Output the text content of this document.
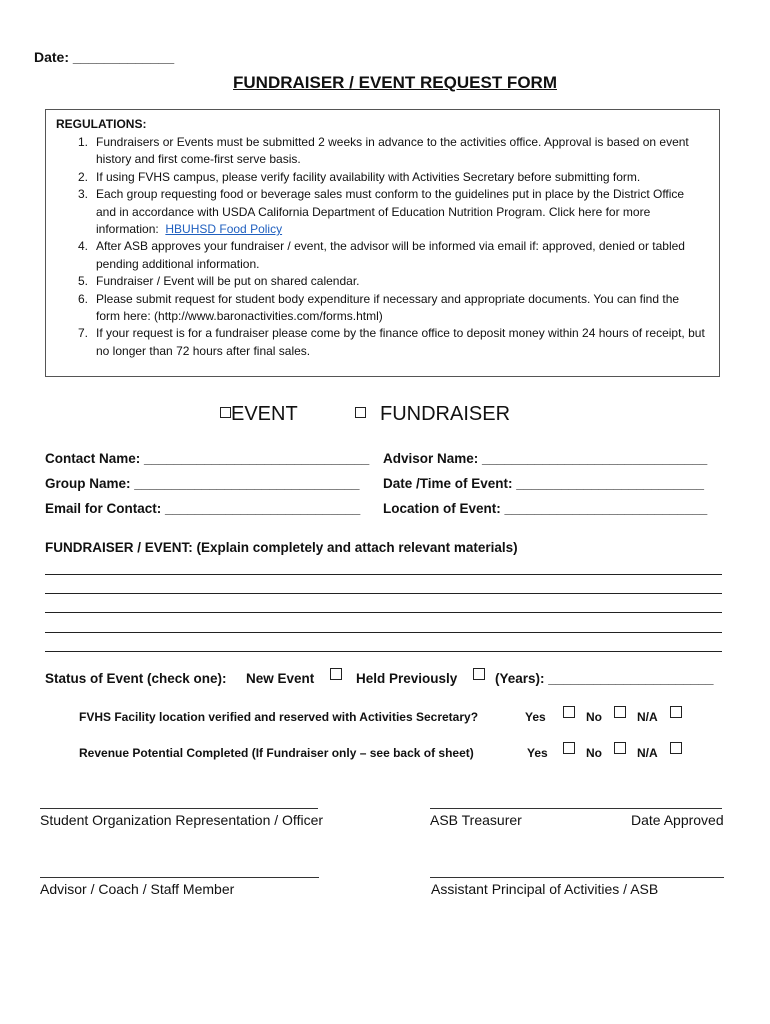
Date: _____________
FUNDRAISER / EVENT REQUEST FORM
REGULATIONS:
1. Fundraisers or Events must be submitted 2 weeks in advance to the activities office. Approval is based on event history and first come-first serve basis.
2. If using FVHS campus, please verify facility availability with Activities Secretary before submitting form.
3. Each group requesting food or beverage sales must conform to the guidelines put in place by the District Office and in accordance with USDA California Department of Education Nutrition Program. Click here for more information: HBUHSD Food Policy
4. After ASB approves your fundraiser / event, the advisor will be informed via email if: approved, denied or tabled pending additional information.
5. Fundraiser / Event will be put on shared calendar.
6. Please submit request for student body expenditure if necessary and appropriate documents. You can find the form here: (http://www.baronactivities.com/forms.html)
7. If your request is for a fundraiser please come by the finance office to deposit money within 24 hours of receipt, but no longer than 72 hours after final sales.
EVENT	FUNDRAISER
Contact Name: ______________________________ Advisor Name: ______________________________
Group Name: ______________________________ Date /Time of Event: _________________________
Email for Contact: __________________________ Location of Event: ___________________________
FUNDRAISER / EVENT: (Explain completely and attach relevant materials)
Status of Event (check one): New Event	Held Previously	(Years): ______________________
FVHS Facility location verified and reserved with Activities Secretary?	Yes	No	N/A
Revenue Potential Completed (If Fundraiser only – see back of sheet)	Yes	No	N/A
Student Organization Representation / Officer	ASB Treasurer	Date Approved
Advisor / Coach / Staff Member	Assistant Principal of Activities / ASB
